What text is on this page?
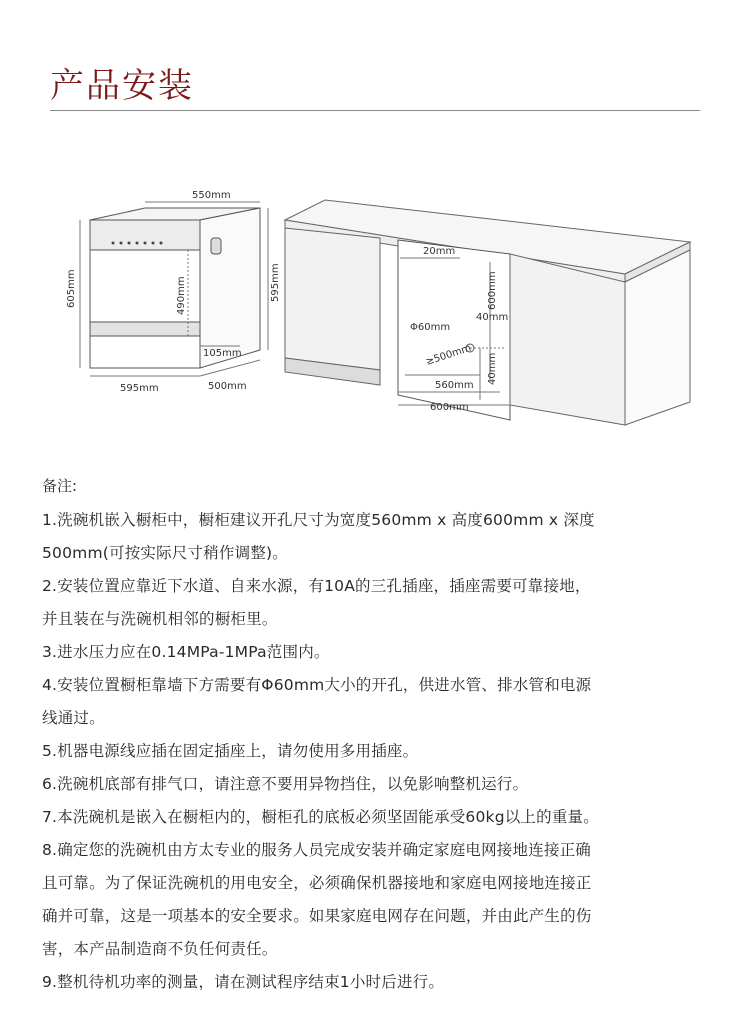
产品安装
550mm
605mm	490mm	595mm
105mm
595mm	500mm
20mm
600mm
Φ60mm
40mm
40mm
≥500mm
560mm
600mm

备注:

1.洗碗机嵌入橱柜中，橱柜建议开孔尺寸为宽度560mm x 高度600mm x 深度

500mm(可按实际尺寸稍作调整)。

2.安装位置应靠近下水道、自来水源，有10A的三孔插座，插座需要可靠接地，

并且装在与洗碗机相邻的橱柜里。

3.进水压力应在0.14MPa-1MPa范围内。

4.安装位置橱柜靠墙下方需要有Φ60mm大小的开孔，供进水管、排水管和电源

线通过。

5.机器电源线应插在固定插座上，请勿使用多用插座。

6.洗碗机底部有排气口，请注意不要用异物挡住，以免影响整机运行。

7.本洗碗机是嵌入在橱柜内的，橱柜孔的底板必须坚固能承受60kg以上的重量。

8.确定您的洗碗机由方太专业的服务人员完成安装并确定家庭电网接地连接正确

且可靠。为了保证洗碗机的用电安全，必须确保机器接地和家庭电网接地连接正

确并可靠，这是一项基本的安全要求。如果家庭电网存在问题，并由此产生的伤

害，本产品制造商不负任何责任。

9.整机待机功率的测量，请在测试程序结束1小时后进行。
